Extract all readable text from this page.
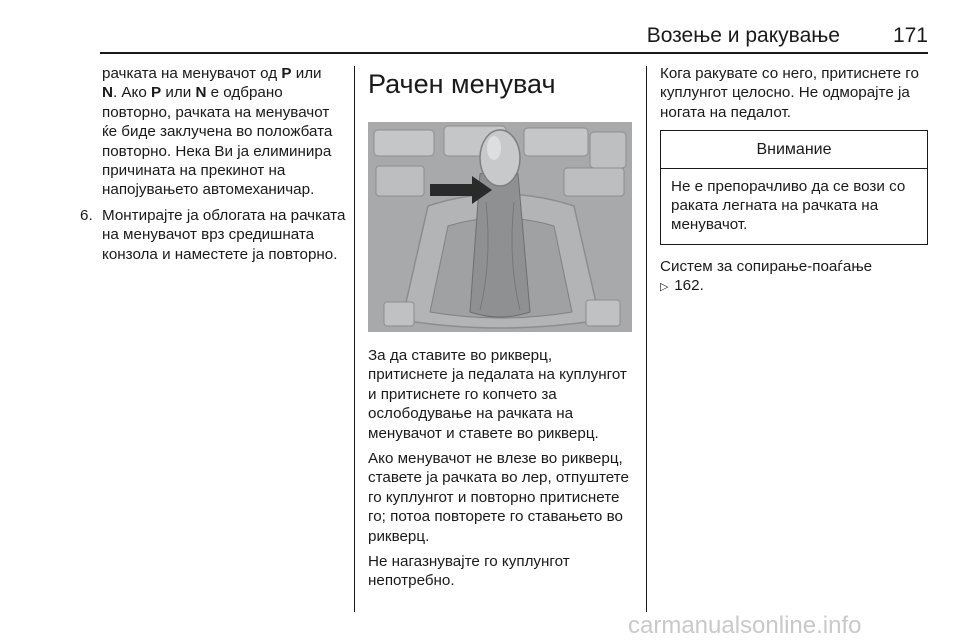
Возење и ракување	171

рачката на менувачот од P или
N. Ако P или N е одбрано повторно, рачката на менувачот ќе биде заклучена во положбата повторно. Нека Ви ја елиминира причината на прекинот на напојувањето автомеханичар.

6. Монтирајте ја облогата на рачката на менувачот врз средишната конзола и наместете ја повторно.
Рачен менувач

За да ставите во рикверц, притиснете ја педалата на куплунгот и притиснете го копчето за ослободување на рачката на менувачот и ставете во рикверц.

Ако менувачот не влезе во рикверц, ставете ја рачката во лер, отпуштете го куплунгот и повторно притиснете го; потоа повторете го ставањето во рикверц.

Не нагазнувајте го куплунгот непотребно.

Кога ракувате со него, притиснете го куплунгот целосно. Не одморајте ја ногата на педалот.

Внимание
Не е препорачливо да се вози со раката легната на рачката на менувачот.

Систем за сопирање-поаѓање
▷ 162.

carmanualsonline.info
